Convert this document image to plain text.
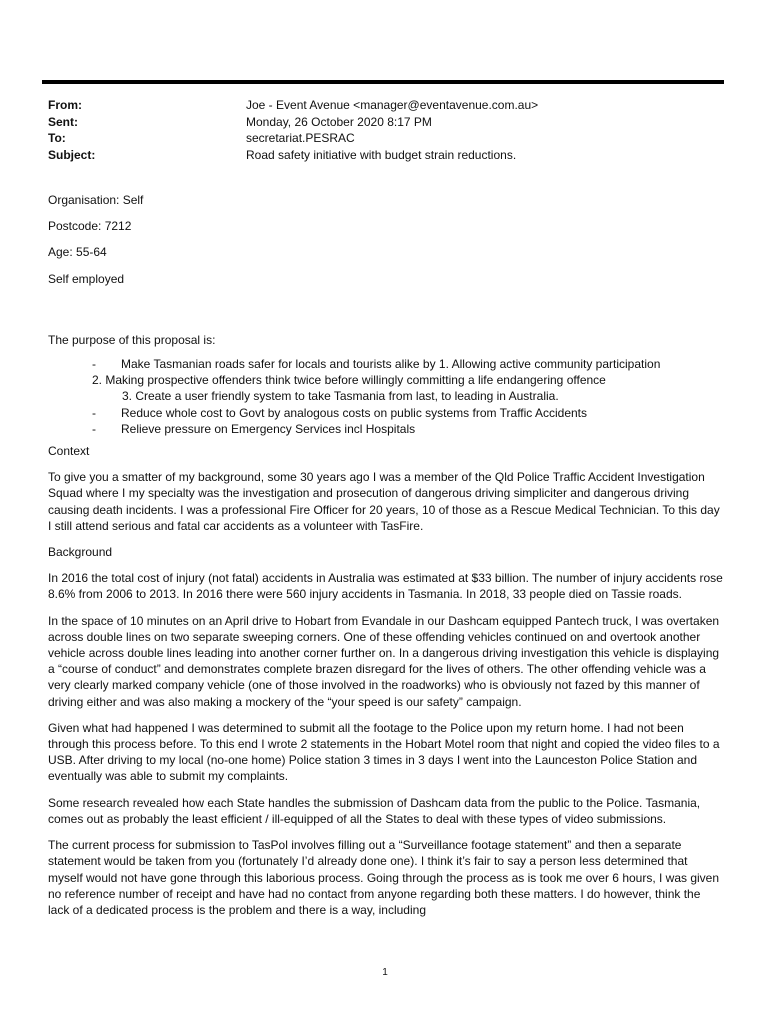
From:	Joe - Event Avenue <manager@eventavenue.com.au>
Sent:	Monday, 26 October 2020 8:17 PM
To:	secretariat.PESRAC
Subject:	Road safety initiative with budget strain reductions.

Organisation: Self

Postcode: 7212

Age: 55-64

Self employed

The purpose of this proposal is:

- Make Tasmanian roads safer for locals and tourists alike by 1. Allowing active community participation
2. Making prospective offenders think twice before willingly committing a life endangering offence
3. Create a user friendly system to take Tasmania from last, to leading in Australia.
- Reduce whole cost to Govt by analogous costs on public systems from Traffic Accidents
- Relieve pressure on Emergency Services incl Hospitals

Context

To give you a smatter of my background, some 30 years ago I was a member of the Qld Police Traffic Accident Investigation Squad where I my specialty was the investigation and prosecution of dangerous driving simpliciter and dangerous driving causing death incidents. I was a professional Fire Officer for 20 years, 10 of those as a Rescue Medical Technician. To this day I still attend serious and fatal car accidents as a volunteer with TasFire.

Background

In 2016 the total cost of injury (not fatal) accidents in Australia was estimated at $33 billion. The number of injury accidents rose 8.6% from 2006 to 2013. In 2016 there were 560 injury accidents in Tasmania. In 2018, 33 people died on Tassie roads.

In the space of 10 minutes on an April drive to Hobart from Evandale in our Dashcam equipped Pantech truck, I was overtaken across double lines on two separate sweeping corners. One of these offending vehicles continued on and overtook another vehicle across double lines leading into another corner further on. In a dangerous driving investigation this vehicle is displaying a “course of conduct” and demonstrates complete brazen disregard for the lives of others. The other offending vehicle was a very clearly marked company vehicle (one of those involved in the roadworks) who is obviously not fazed by this manner of driving either and was also making a mockery of the “your speed is our safety” campaign.

Given what had happened I was determined to submit all the footage to the Police upon my return home. I had not been through this process before. To this end I wrote 2 statements in the Hobart Motel room that night and copied the video files to a USB. After driving to my local (no-one home) Police station 3 times in 3 days I went into the Launceston Police Station and eventually was able to submit my complaints.

Some research revealed how each State handles the submission of Dashcam data from the public to the Police. Tasmania, comes out as probably the least efficient / ill-equipped of all the States to deal with these types of video submissions.

The current process for submission to TasPol involves filling out a “Surveillance footage statement” and then a separate statement would be taken from you (fortunately I’d already done one). I think it’s fair to say a person less determined that myself would not have gone through this laborious process. Going through the process as is took me over 6 hours, I was given no reference number of receipt and have had no contact from anyone regarding both these matters. I do however, think the lack of a dedicated process is the problem and there is a way, including

1
